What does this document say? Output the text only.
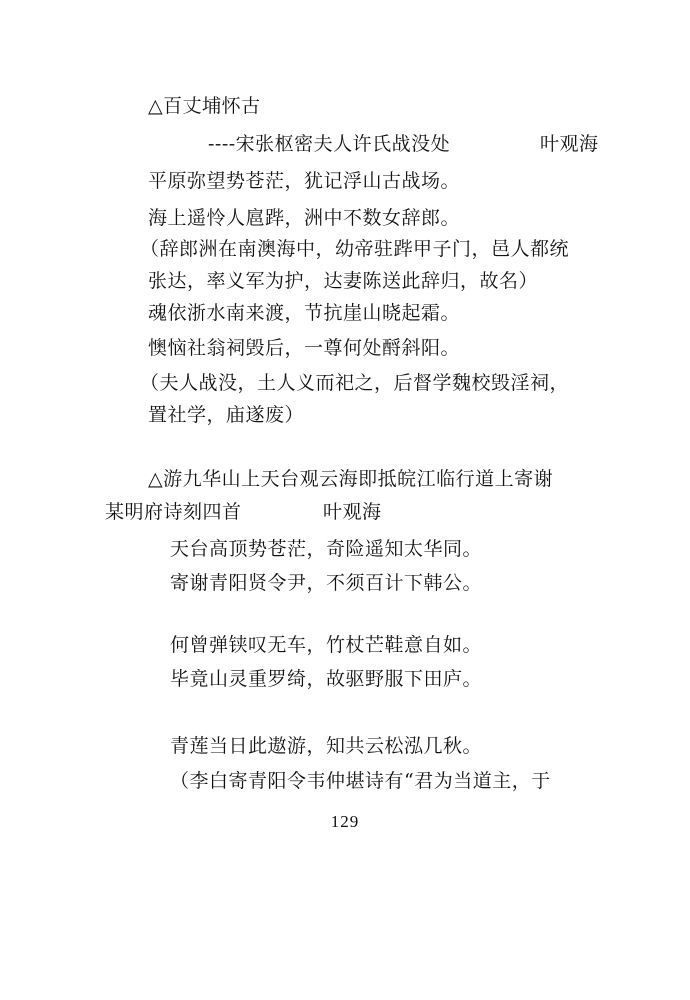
△百丈埔怀古
----宋张枢密夫人许氏战没处	叶观海
平原弥望势苍茫，犹记浮山古战场。
海上遥怜人扈跸，洲中不数女辞郎。
（辞郎洲在南澳海中，幼帝驻跸甲子门，邑人都统
张达，率义军为护，达妻陈送此辞归，故名）
魂依浙水南来渡，节抗崖山晓起霜。
懊恼社翁祠毁后，一尊何处酹斜阳。
（夫人战没，土人义而祀之，后督学魏校毁淫祠，
置社学，庙遂废）
△游九华山上天台观云海即抵皖江临行道上寄谢
某明府诗刻四首	叶观海
天台高顶势苍茫，奇险遥知太华同。
寄谢青阳贤令尹，不须百计下韩公。
何曾弹铗叹无车，竹杖芒鞋意自如。
毕竟山灵重罗绮，故驱野服下田庐。
青莲当日此遨游，知共云松泓几秋。
（李白寄青阳令韦仲堪诗有“君为当道主，于
129
